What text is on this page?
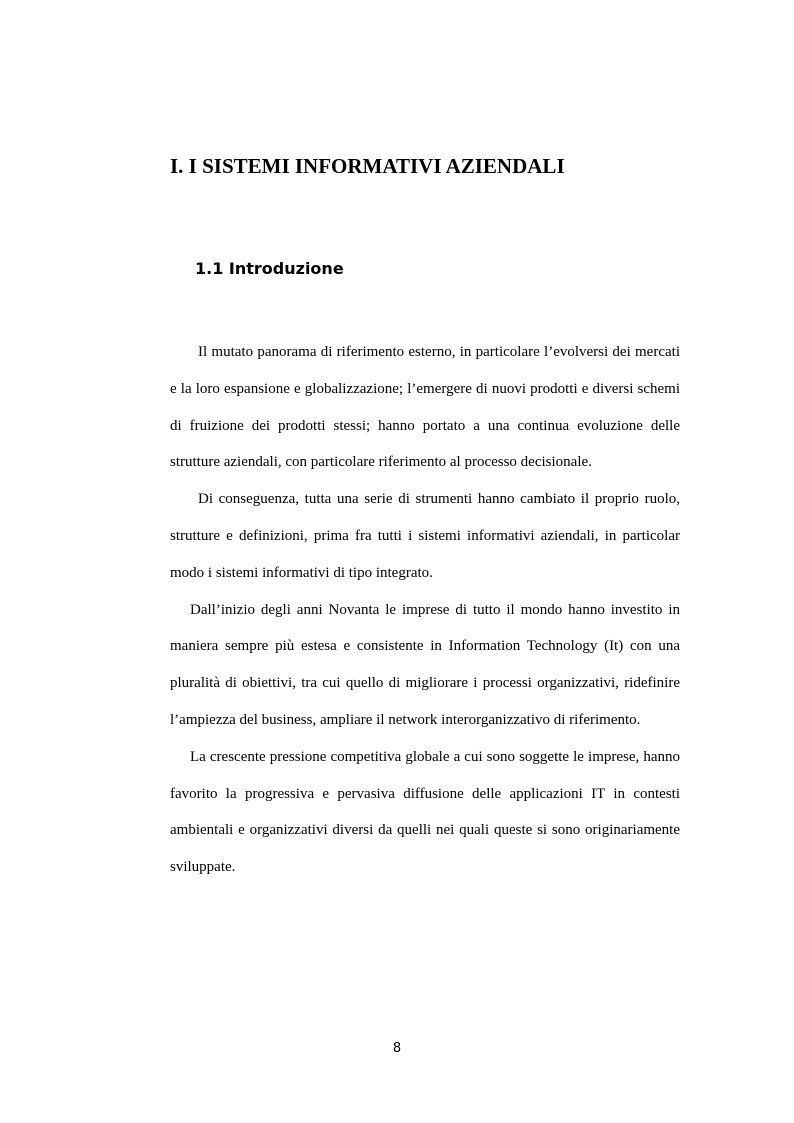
I. I SISTEMI INFORMATIVI AZIENDALI
1.1 Introduzione

Il mutato panorama di riferimento esterno, in particolare l’evolversi dei mercati e la loro espansione e globalizzazione; l’emergere di nuovi prodotti e diversi schemi di fruizione dei prodotti stessi; hanno portato a una continua evoluzione delle strutture aziendali, con particolare riferimento al processo decisionale.

Di conseguenza, tutta una serie di strumenti hanno cambiato il proprio ruolo, strutture e definizioni, prima fra tutti i sistemi informativi aziendali, in particolar modo i sistemi informativi di tipo integrato.

Dall’inizio degli anni Novanta le imprese di tutto il mondo hanno investito in maniera sempre più estesa e consistente in Information Technology (It) con una pluralità di obiettivi, tra cui quello di migliorare i processi organizzativi, ridefinire l’ampiezza del business, ampliare il network interorganizzativo di riferimento.

La crescente pressione competitiva globale a cui sono soggette le imprese, hanno favorito la progressiva e pervasiva diffusione delle applicazioni IT in contesti ambientali e organizzativi diversi da quelli nei quali queste si sono originariamente sviluppate.

8
